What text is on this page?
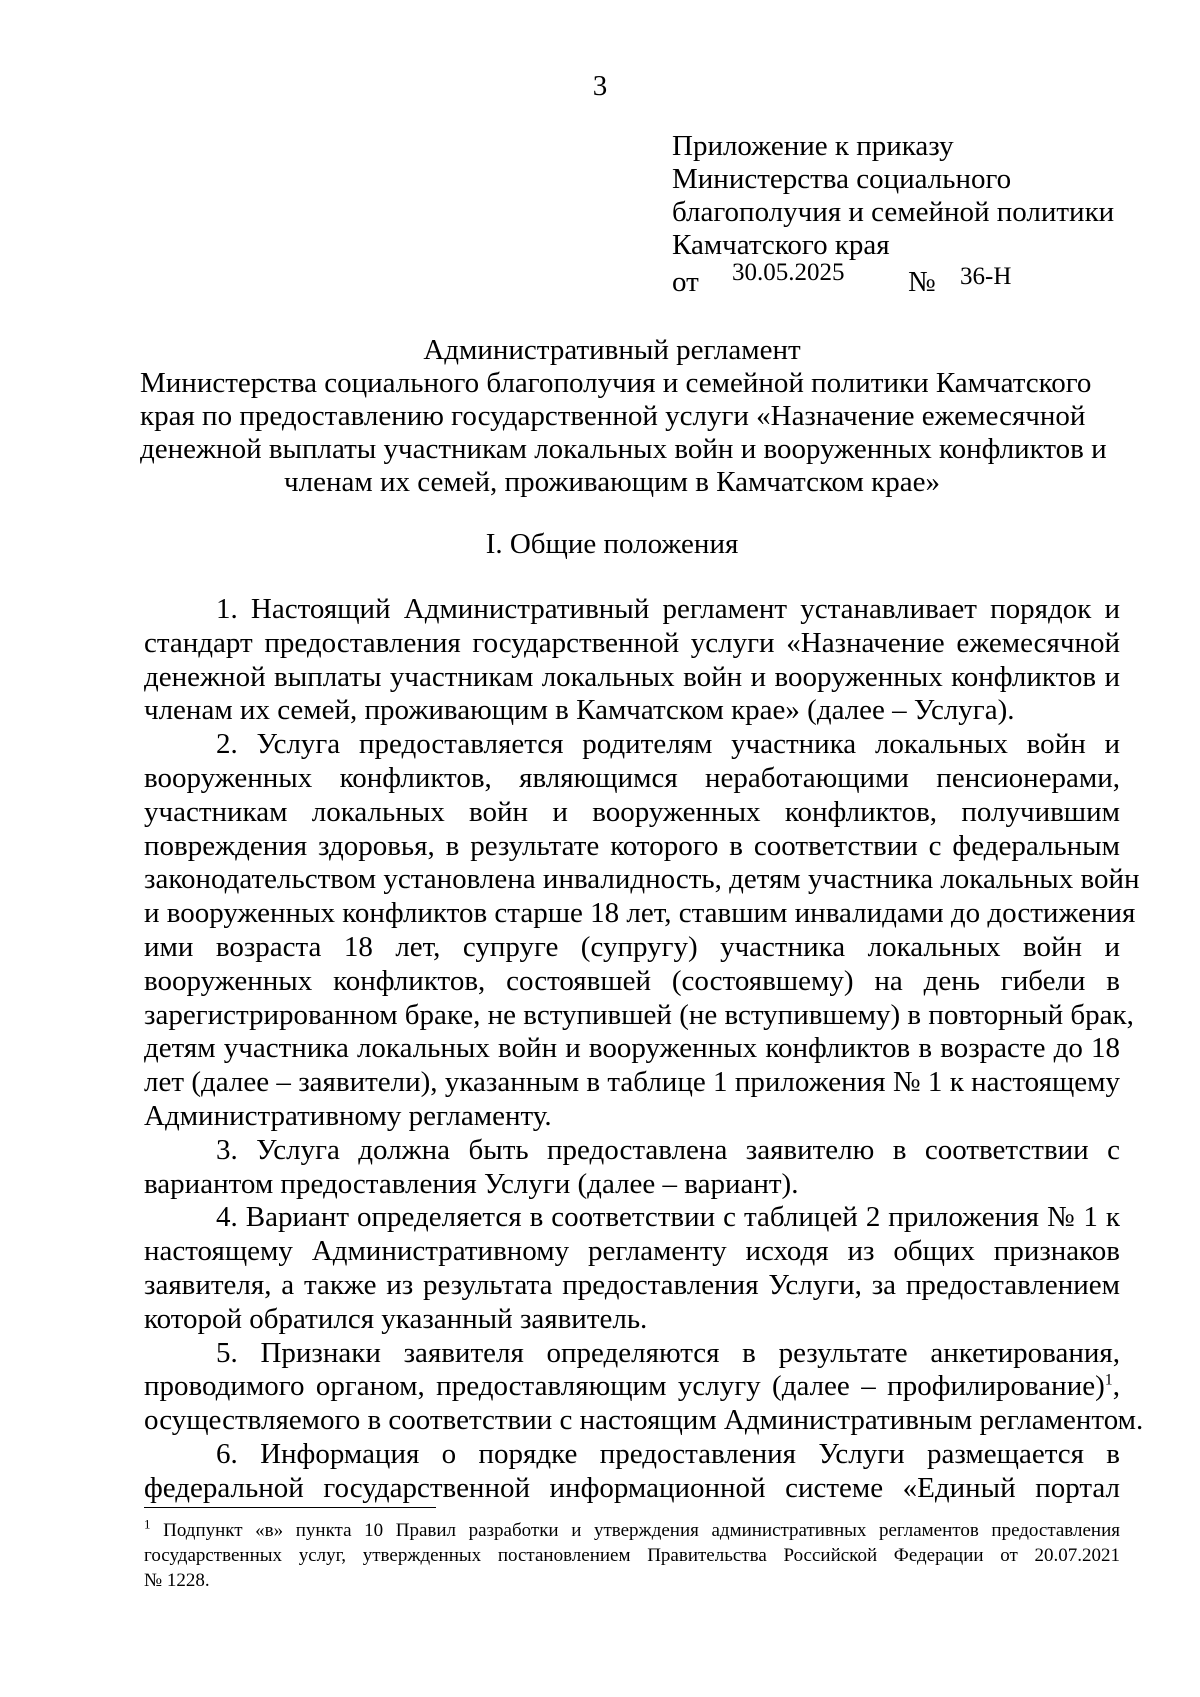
3
Приложение к приказу
Министерства социального
благополучия и семейной политики
Камчатского края
от 30.05.2025 № 36-Н
Административный регламент
Министерства социального благополучия и семейной политики Камчатского
края по предоставлению государственной услуги «Назначение ежемесячной
денежной выплаты участникам локальных войн и вооруженных конфликтов и
членам их семей, проживающим в Камчатском крае»
I. Общие положения
1. Настоящий Административный регламент устанавливает порядок и
стандарт предоставления государственной услуги «Назначение ежемесячной
денежной выплаты участникам локальных войн и вооруженных конфликтов и
членам их семей, проживающим в Камчатском крае» (далее – Услуга).
2. Услуга предоставляется родителям участника локальных войн и
вооруженных конфликтов, являющимся неработающими пенсионерами,
участникам локальных войн и вооруженных конфликтов, получившим
повреждения здоровья, в результате которого в соответствии с федеральным
законодательством установлена инвалидность, детям участника локальных войн
и вооруженных конфликтов старше 18 лет, ставшим инвалидами до достижения
ими возраста 18 лет, супруге (супругу) участника локальных войн и
вооруженных конфликтов, состоявшей (состоявшему) на день гибели в
зарегистрированном браке, не вступившей (не вступившему) в повторный брак,
детям участника локальных войн и вооруженных конфликтов в возрасте до 18
лет (далее – заявители), указанным в таблице 1 приложения № 1 к настоящему
Административному регламенту.
3. Услуга должна быть предоставлена заявителю в соответствии с
вариантом предоставления Услуги (далее – вариант).
4. Вариант определяется в соответствии с таблицей 2 приложения № 1 к
настоящему Административному регламенту исходя из общих признаков
заявителя, а также из результата предоставления Услуги, за предоставлением
которой обратился указанный заявитель.
5. Признаки заявителя определяются в результате анкетирования,
проводимого органом, предоставляющим услугу (далее – профилирование)$^1$,
осуществляемого в соответствии с настоящим Административным регламентом.
6. Информация о порядке предоставления Услуги размещается в
федеральной государственной информационной системе «Единый портал
$^1$ Подпункт «в» пункта 10 Правил разработки и утверждения административных регламентов предоставления
государственных услуг, утвержденных постановлением Правительства Российской Федерации от 20.07.2021
№ 1228.
